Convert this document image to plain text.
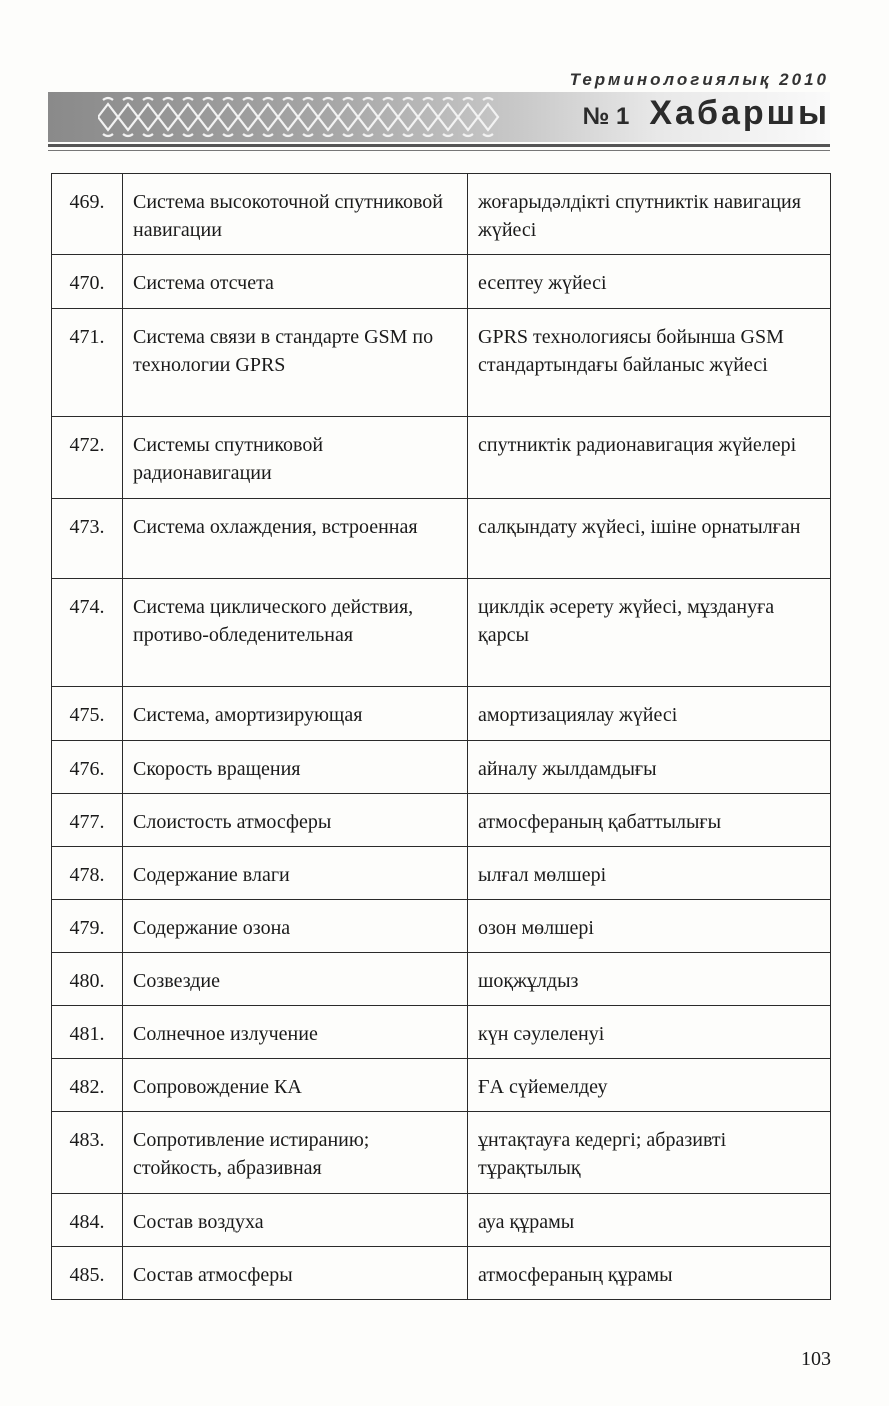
Терминологиялық 2010
№ 1 Хабаршы
469.	Система высокоточной спутниковой навигации	жоғарыдәлдікті спутниктік навигация жүйесі
470.	Система отсчета	есептеу жүйесі
471.	Система связи в стандарте GSM по технологии GPRS	GPRS технологиясы бойынша GSM стандартындағы байланыс жүйесі
472.	Системы спутниковой радионавигации	спутниктік радионавигация жүйелері
473.	Система охлаждения, встроенная	салқындату жүйесі, ішіне орнатылған
474.	Система циклического действия, противо-обледенительная	циклдік әсерету жүйесі, мұздануға қарсы
475.	Система, амортизирующая	амортизациялау жүйесі
476.	Скорость вращения	айналу жылдамдығы
477.	Слоистость атмосферы	атмосфераның қабаттылығы
478.	Содержание влаги	ылғал мөлшері
479.	Содержание озона	озон мөлшері
480.	Созвездие	шоқжұлдыз
481.	Солнечное излучение	күн сәулеленуі
482.	Сопровождение КА	ҒА сүйемелдеу
483.	Сопротивление истиранию; стойкость, абразивная	ұнтақтауға кедергі; абразивті тұрақтылық
484.	Состав воздуха	ауа құрамы
485.	Состав атмосферы	атмосфераның құрамы
103
